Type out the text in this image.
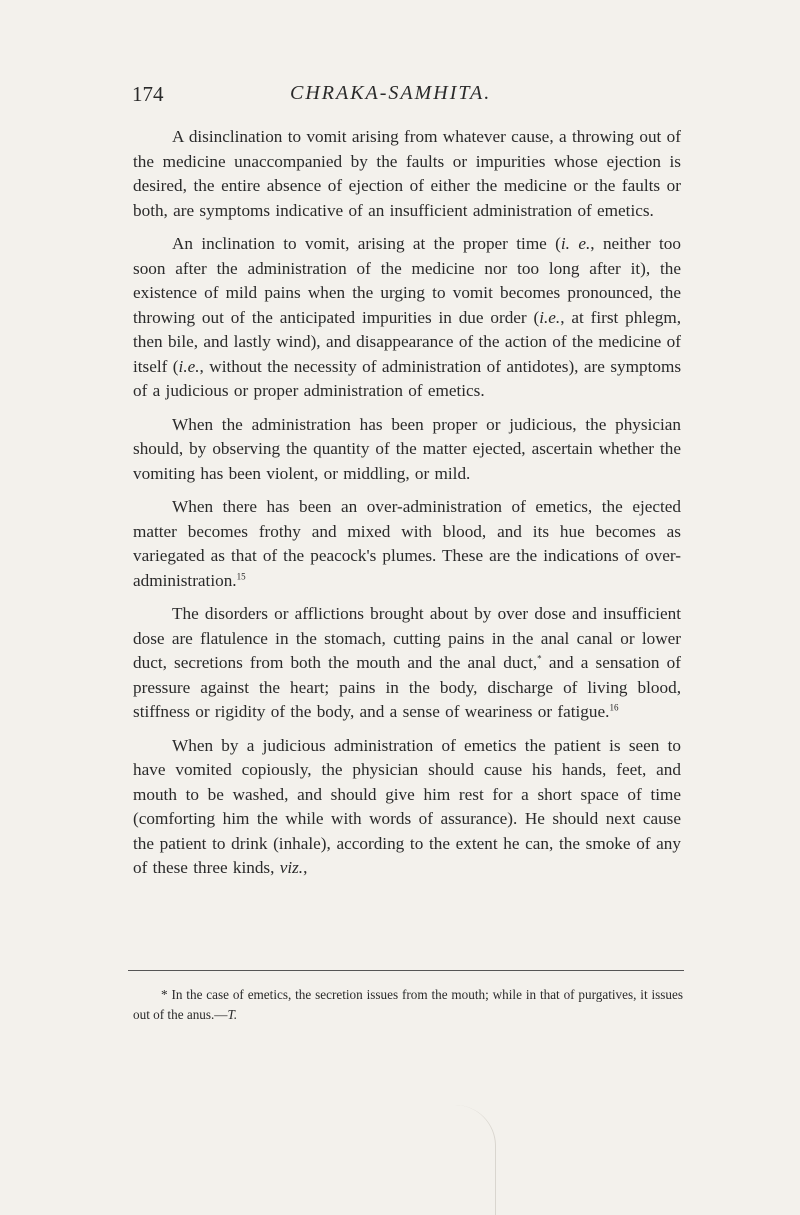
174	CHRAKA-SAMHITA.

A disinclination to vomit arising from whatever cause, a throwing out of the medicine unaccompanied by the faults or impurities whose ejection is desired, the entire absence of ejection of either the medicine or the faults or both, are symptoms indicative of an insufficient administration of emetics.

An inclination to vomit, arising at the proper time (i. e., neither too soon after the administration of the medicine nor too long after it), the existence of mild pains when the urging to vomit becomes pronounced, the throwing out of the anticipated impurities in due order (i.e., at first phlegm, then bile, and lastly wind), and disappearance of the action of the medicine of itself (i.e., without the necessity of administration of antidotes), are symptoms of a judicious or proper administration of emetics.

When the administration has been proper or judicious, the physician should, by observing the quantity of the matter ejected, ascertain whether the vomiting has been violent, or middling, or mild.

When there has been an over-administration of emetics, the ejected matter becomes frothy and mixed with blood, and its hue becomes as variegated as that of the peacock's plumes. These are the indications of over-administration.$^{15}$

The disorders or afflictions brought about by over dose and insufficient dose are flatulence in the stomach, cutting pains in the anal canal or lower duct, secretions from both the mouth and the anal duct,* and a sensation of pressure against the heart; pains in the body, discharge of living blood, stiffness or rigidity of the body, and a sense of weariness or fatigue.$^{16}$

When by a judicious administration of emetics the patient is seen to have vomited copiously, the physician should cause his hands, feet, and mouth to be washed, and should give him rest for a short space of time (comforting him the while with words of assurance). He should next cause the patient to drink (inhale), according to the extent he can, the smoke of any of these three kinds, viz.,

* In the case of emetics, the secretion issues from the mouth; while in that of purgatives, it issues out of the anus.—T.
